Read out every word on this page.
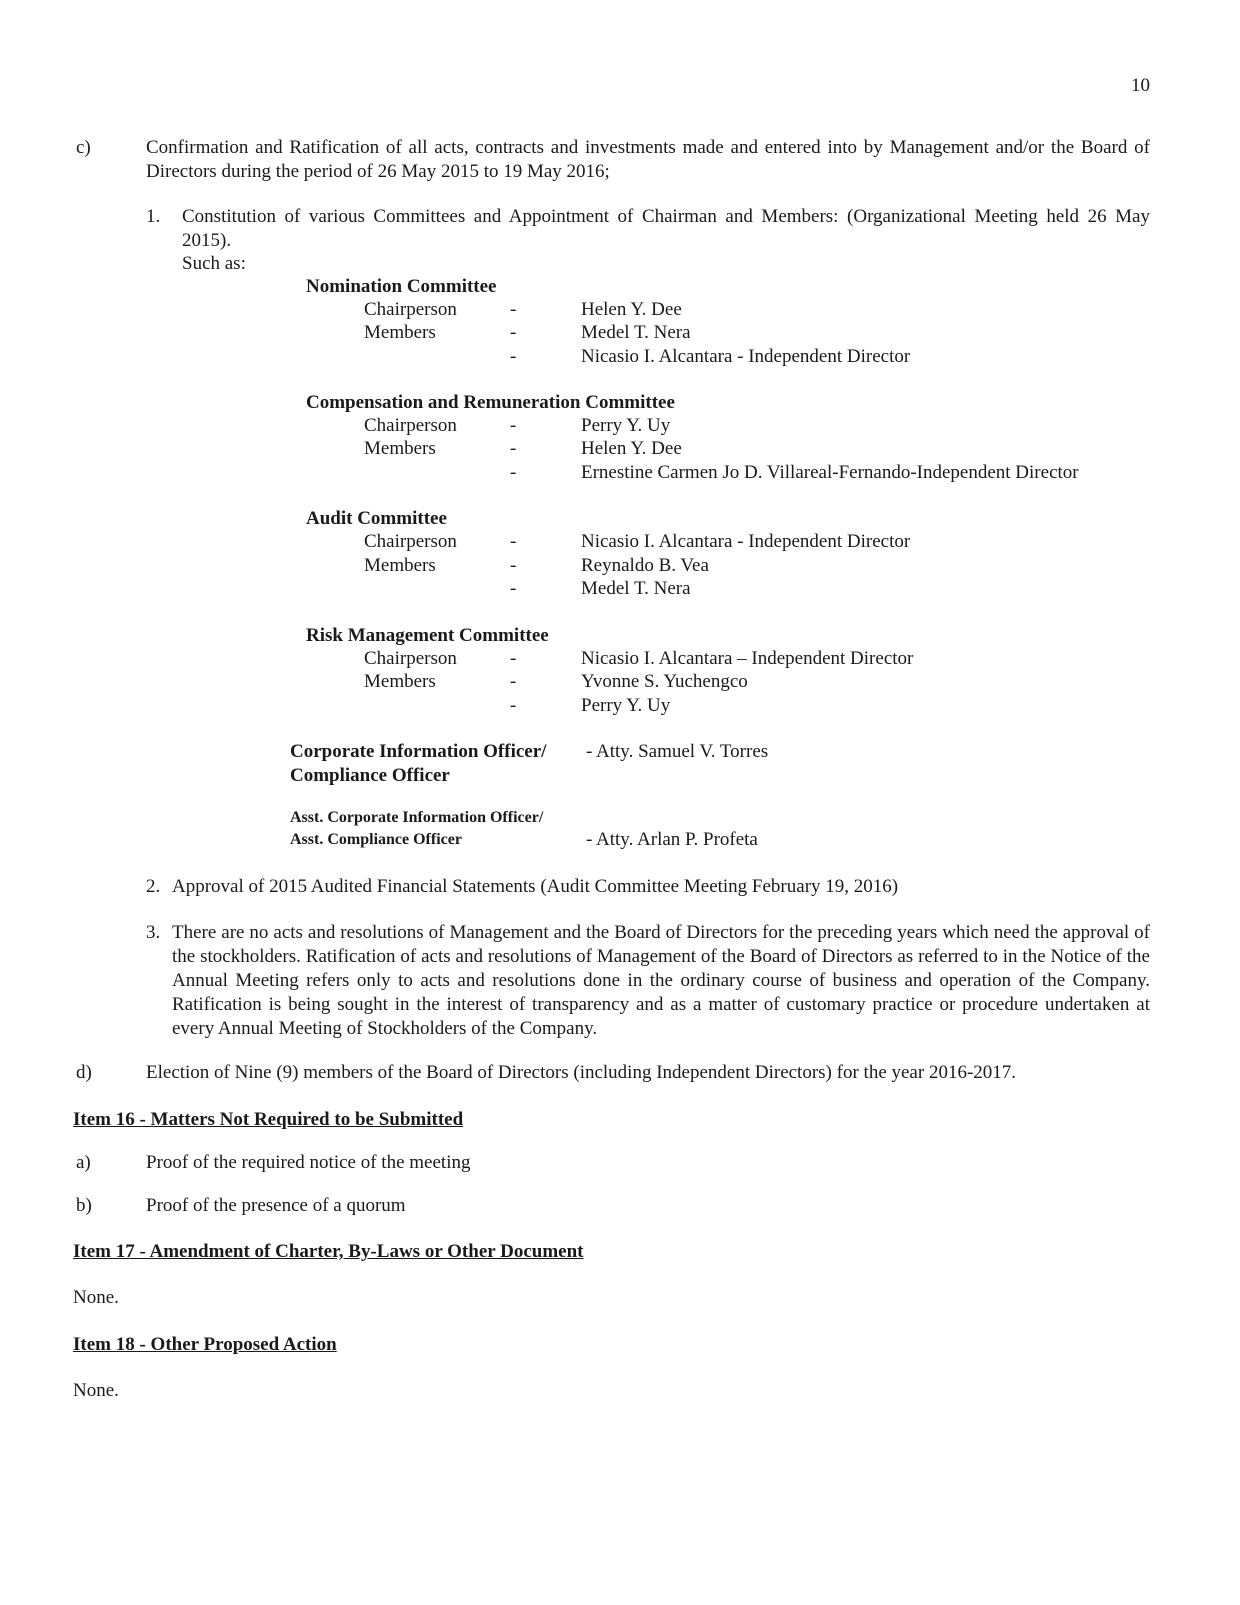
10
c)	Confirmation and Ratification of all acts, contracts and investments made and entered into by Management and/or the Board of Directors during the period of 26 May 2015 to 19 May 2016;
1. Constitution of various Committees and Appointment of Chairman and Members: (Organizational Meeting held 26 May 2015).
Such as:
Nomination Committee
Chairperson	-	Helen Y. Dee
Members	-	Medel T. Nera
-	Nicasio I. Alcantara - Independent Director
Compensation and Remuneration Committee
Chairperson	-	Perry Y. Uy
Members	-	Helen Y. Dee
-	Ernestine Carmen Jo D. Villareal-Fernando-Independent Director
Audit Committee
Chairperson	-	Nicasio I. Alcantara - Independent Director
Members	-	Reynaldo B. Vea
-	Medel T. Nera
Risk Management Committee
Chairperson	-	Nicasio I. Alcantara – Independent Director
Members	-	Yvonne S. Yuchengco
-	Perry Y. Uy
Corporate Information Officer/
Compliance Officer
- Atty. Samuel V. Torres
Asst. Corporate Information Officer/
Asst. Compliance Officer	- Atty. Arlan P. Profeta
2. Approval of 2015 Audited Financial Statements (Audit Committee Meeting February 19, 2016)
3. There are no acts and resolutions of Management and the Board of Directors for the preceding years which need the approval of the stockholders. Ratification of acts and resolutions of Management of the Board of Directors as referred to in the Notice of the Annual Meeting refers only to acts and resolutions done in the ordinary course of business and operation of the Company. Ratification is being sought in the interest of transparency and as a matter of customary practice or procedure undertaken at every Annual Meeting of Stockholders of the Company.
d)	Election of Nine (9) members of the Board of Directors (including Independent Directors) for the year 2016-2017.
Item 16 - Matters Not Required to be Submitted
a)	Proof of the required notice of the meeting
b)	Proof of the presence of a quorum
Item 17 - Amendment of Charter, By-Laws or Other Document
None.
Item 18 - Other Proposed Action
None.
